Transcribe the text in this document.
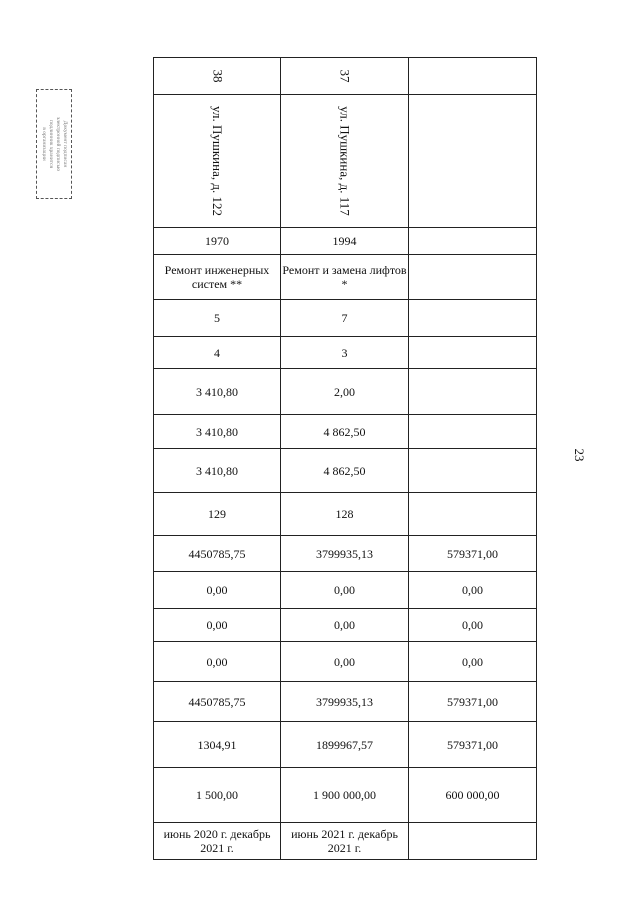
Документ подписан
электронной подписью
подлинник хранится
в организации
23
38	37	
ул. Пушкина, д. 122	ул. Пушкина, д. 117	
1970	1994	
Ремонт инженерных систем **	Ремонт и замена лифтов *	
5	7	
4	3	
3 410,80	2,00	
3 410,80	4 862,50	
3 410,80	4 862,50	
129	128	
4450785,75	3799935,13	579371,00
0,00	0,00	0,00
0,00	0,00	0,00
0,00	0,00	0,00
4450785,75	3799935,13	579371,00
1304,91	1899967,57	579371,00
1 500,00	1 900 000,00	600 000,00
июнь 2020 г. декабрь 2021 г.	июнь 2021 г. декабрь 2021 г.	
